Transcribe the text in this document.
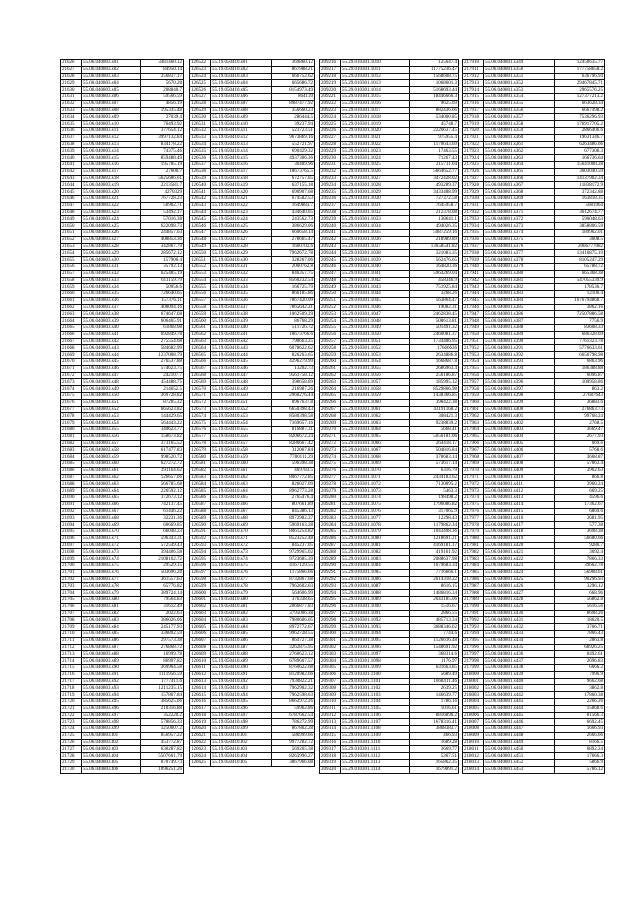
21626	55.06.040803.s01	3481460.12
21627	55.06.040803.s02	84950.14
21628	55.06.040803.s03	256837.17
21629	55.06.040803.s04	5670.28
21630	55.06.040803.s05	208840.7
21631	55.06.040803.s06	59566.59
21632	55.06.040803.s07	4856.19
21633	55.06.040803.s08	195335.48
21634	55.06.040803.s09	27039.4
21635	55.06.040803.s10	76493.92
21636	55.06.040803.s11	377654.12
21637	55.06.040803.s12	3997132.84
21638	55.06.040803.s13	834178.22
21639	55.06.040803.s14	74375.46
21640	55.06.040803.s15	859488.49
21641	55.06.040803.s16	195785.19
21642	55.06.040803.s17	27600.7
21643	55.06.040803.s18	5625686.61
21644	55.06.040803.s19	2213581.7
21645	55.06.040803.s20	4270329
21646	55.06.040803.s21	767728.23
21647	55.06.040803.s22	50962.71
21648	55.06.040803.s23	53492.17
21649	55.06.040803.s24	57016.38
21650	55.06.040803.s25	622098.73
21651	55.06.040803.s26	244857.63
21652	55.06.040803.s27	408853.36
21653	55.06.040803.s28	342867.79
21654	55.06.040803.s29	285672.12
21655	55.06.040803.s30	157906.4
21656	55.06.040803.s31	35792.13
21657	55.06.040803.s32	625485.19
21658	55.06.040803.s33	611159.79
21659	55.06.040803.s34	50956.6
21660	55.06.040803.s35	726640.65
21661	55.06.040803.s36	157376.11
21662	55.06.040803.s37	408094.16
21663	55.06.040803.s38	674647.68
21664	55.06.040803.s39	606465.91
21665	55.06.040803.s40	61868.08
21666	55.06.040803.s41	692849.78
21667	55.06.040803.s42	275554.68
21668	55.06.040803.s43	584682.99
21669	55.06.040803.s44	1237008.79
21670	55.06.040803.s45	276537.88
21671	55.06.040803.s46	574623.75
21672	55.06.040803.s47	242107.7
21673	55.06.040803.s48	454488.75
21674	55.06.040803.s49	214652.5
21675	55.06.040803.s50	369728.82
21676	55.06.040803.s51	87205.32
21677	55.06.040803.s52	665623.82
21678	55.06.040803.s53	144429.65
21679	55.06.040803.s54	564443.22
21680	55.06.040803.s55	340623.77
21681	55.06.040803.s56	158673.82
21682	55.06.040803.s57	373165.52
21683	55.06.040803.s58	617477.83
21684	55.06.040803.s59	998520.72
21685	55.06.040803.s60	627272.72
21686	55.06.040803.s61	391164.62
21687	55.06.040803.s62	126657.66
21688	55.06.040803.s63	566785.68
21689	55.06.040803.s64	226592.12
21690	55.06.040803.s65	372673.12
21691	55.06.040803.s66	742137.45
21692	55.06.040803.s67	61446.22
21693	55.06.040803.s68	32231.36
21694	55.06.040803.s69	60669.85
21695	55.06.040803.s70	66048.23
21696	55.06.040803.s71	596343.31
21697	55.06.040803.s72	572549.43
21698	55.06.040803.s73	394406.58
21699	55.06.040803.s74	2108162.72
21700	55.06.040803.s75	29529.15
21701	55.06.040803.s76	503696.28
21702	55.06.040803.s77	361557.63
21703	55.06.040803.s78	65776.82
21704	55.06.040803.s79	389724.14
21705	55.06.040803.s80	79564.83
21706	55.06.040803.s81	31612.49
21707	55.06.040803.s82	2022.63
21708	55.06.040803.s83	386026.66
21709	55.06.040803.s84	245177.93
21710	55.06.040803.s85	336892.59
21711	55.06.040803.s86	297573.38
21712	55.06.040803.s87	276868.72
21713	55.06.040803.s88	16999.78
21714	55.06.040803.s89	86997.82
21715	55.06.040803.s90	369964.58
21716	55.06.040803.s91	1111956.59
21717	55.06.040803.s92	1777411.6
21718	55.06.040803.s93	1211235.15
21719	55.06.040803.s94	157867.84
21720	55.06.040803.s95	385625.66
21721	55.06.040803.s96	210316.88
21722	55.06.040803.s97	352220.2
21723	55.06.040803.s98	578856.33
21724	55.06.040803.s99	3250607.2
21725	55.06.040803.t01	856957.22
21726	55.06.040803.t02	453772.87
21727	55.06.040803.t03	630287.82
21728	55.06.040803.t04	5507661.79
21729	55.06.040803.t05	870749.73
21730	55.06.040803.t06	1096251.26
126522	55.19.050410.s01	369860.12
126523	55.19.050410.s02	867988.21
126524	55.19.050410.s03	666752.62
126525	55.19.050410.s04	665686.72
126526	55.19.050410.s05	8154973.49
126527	55.19.050410.s06	864139
126528	55.19.050410.s07	8987477.92
126529	55.19.050410.s08	356660.23
126530	55.19.050410.s09	286444.5
126531	55.19.050410.s10	39237.94
126532	55.19.050410.s11	523723.51
126533	55.19.050410.s12	9673869.16
126534	55.19.050410.s13	552721.97
126535	55.19.050410.s14	690429.32
126536	55.19.050410.s15	4937306.36
126537	55.19.050410.s16	36489.96
126538	55.19.050410.s17	18673765.5
126539	55.19.050410.s18	672757.65
126540	55.19.050410.s19	637155.18
126541	55.19.050410.s20	690907.68
126542	55.19.050410.s21	674582.53
126543	55.19.050410.s22	1649883.7
126544	55.19.050410.s23	434640.65
126545	55.19.050410.s24	243562.73
126546	55.19.050410.s25	386629.06
126547	55.19.050410.s26	660658.14
126548	55.19.050410.s27	278665.47
126549	55.19.050410.s28	1660702.6
126550	55.19.050410.s29	7962672.78
126551	55.19.050410.s30	328267.06
126552	55.19.050410.s31	2060762.8
126553	55.19.050410.s32	846357.75
126554	55.19.050410.s33	8560232.54
126555	55.19.050410.s34	166725.79
126556	55.19.050410.s35	866185.86
126557	55.19.050410.s36	7867420.09
126558	55.19.050410.s37	7865642.21
126559	55.19.050410.s38	1062509.29
126560	55.19.050410.s39	86768.29
126561	55.19.050410.s40	511726.72
126562	55.19.050410.s41	18673766.6
126563	55.19.050410.s42	798663.25
126564	55.19.050410.s43	6078622.62
126565	55.19.050410.s44	826263.65
126566	55.19.050410.s45	4296279.99
126567	55.19.050410.s46	13202.73
126568	55.19.050410.s47	9563758.12
126569	55.19.050410.s48	398658.89
126570	55.19.050410.s49	216987.26
126571	55.19.050410.s50	2968276.44
126572	55.19.050410.s51	8967637.8
126573	55.19.050410.s52	6650398.43
126574	55.19.050410.s53	8580398.58
126575	55.19.050410.s54	7169657.16
126576	55.19.050410.s55	816887.31
126577	55.19.050410.s56	8206672.24
126578	55.19.050410.s57	8286667.42
126579	55.19.050410.s58	312067.84
126580	55.19.050410.s59	7780111.29
126581	55.19.050410.s60	596398.38
126582	55.19.050410.s61	469783.5
126583	55.19.050410.s62	8067772.85
126584	55.19.050410.s63	826027.09
126585	55.19.050410.s64	8962773.28
126586	55.19.050410.s65	2765476.4
126587	55.19.050410.s66	807661.89
126588	55.19.050410.s67	845386.13
126589	55.19.050410.s68	8972982.27
126590	55.19.050410.s69	5969163.28
126591	55.19.050410.s70	8061254.82
126592	55.19.050410.s71	8523252.48
126593	55.19.050410.s72	845237.05
126594	55.19.050410.s73	9729965.02
126595	55.19.050410.s74	9723685.39
126596	55.19.050410.s75	4167129.55
126597	55.19.050410.s76	1175866.66
126598	55.19.050410.s77	8732867.68
126599	55.19.050410.s78	7962602.03
126600	55.19.050410.s79	564606.99
126601	55.19.050410.s80	376338.65
126602	55.19.050410.s81	2066877.83
126603	55.19.050410.s82	3795006.38
126604	55.19.050410.s83	7980606.05
126605	55.19.050410.s84	8972772.67
126606	55.19.050410.s85	9962728.55
126607	55.19.050410.s86	864727.38
126608	55.19.050410.s87	3262875.95
126609	55.19.050410.s88	2760623.12
126610	55.19.050410.s89	6789607.57
126611	55.19.050410.s90	8760622.68
126612	55.19.050410.s91	8120982.66
126613	55.19.050410.s92	7930822.21
126614	55.19.050410.s93	7962902.32
126615	55.19.050410.s94	7962598.63
126616	55.19.050410.s95	8662972.26
126617	55.19.050410.s96	59962.86
126618	55.19.050410.s97	6787662.54
126619	55.19.050410.s98	786272.99
126620	55.19.050410.s99	867862.28
126621	55.19.050410.t01	586999.66
126622	55.19.050410.t02	9977282.72
126623	55.19.050410.t03	569265.38
126624	55.19.050410.t04	8263996.27
126625	55.19.050410.t05	3867966.08
209216	55.29.010301.1010	125647.4
209217	55.29.010301.1011	11775236.47
209218	55.29.010301.1012	1568608.75
209219	55.29.010301.1013	1068601.3
209220	55.29.010301.1014	5168693.44
209221	55.29.010301.1015	18446666.3
209222	55.29.010301.1016	9625.69
209223	55.29.010301.1017	882436.66
209224	55.29.010301.1018	534060.85
209225	55.29.010301.1019	45748.7
209226	55.29.010301.1020	2226637.45
209227	55.29.010301.1021	975955.4
209228	55.29.010301.1022	1170643.69
209229	55.29.010301.1023	17463.55
209230	55.29.010301.1024	71267.43
209231	55.29.010301.1025	215711.04
209232	55.29.010301.1026	5664652.77
209233	55.29.010301.1027	3472428.02
209234	55.29.010301.1028	493289.37
209235	55.29.010301.1029	3433488.99
209236	55.29.010301.1030	727372.58
209237	55.29.010301.1031	7645958.7
209238	55.29.010301.1032	212378.08
209239	55.29.010301.1033	138641.1
209240	55.29.010301.1034	494026.35
209241	55.29.010301.1035	5987259.16
209242	55.29.010301.1036	218989.89
209243	55.29.010301.1037	13658541.82
209244	55.29.010301.1038	321083.35
209245	55.29.010301.1039	562476.65
209246	55.29.010301.1040	164820.36
209247	55.29.010301.1041	5964269.04
209248	55.29.010301.1042	458346.9
209249	55.29.010301.1043	751925.84
209250	55.29.010301.1044	3268.26
209251	55.29.010301.1045	563864.47
209252	55.29.010301.1046	19082.31
209253	55.29.010301.1047	2462838.45
209254	55.29.010301.1048	508613.81
209255	55.29.010301.1049	501491.32
209256	55.29.010301.1050	2460081.37
209257	55.29.010301.1051	1734486.95
209258	55.29.010301.1052	17666636
209259	55.29.010301.1053	2634886.8
209260	55.29.010301.1054	1668687.8
209261	55.29.010301.1055	2686963.4
209262	55.29.010301.1056	256186.87
209263	55.29.010301.1057	185995.12
209264	55.29.010301.1058	8529866.98
209265	55.29.010301.1059	1438366.85
209266	55.29.010301.1060	398422.38
209267	55.29.010301.1061	43191168.2
209268	55.29.010301.1062	308421.3
209269	55.29.010301.1063	9238839.2
209270	55.29.010301.1064	5668.41
209271	55.29.010301.1065	5056181.06
209272	55.29.010301.1066	264418.17
209273	55.29.010301.1067	504816.84
209274	55.29.010301.1068	378683.14
209275	55.29.010301.1069	573617.14
209276	55.29.010301.1070	6316.79
209277	55.29.010301.1071	2434183.62
209278	55.29.010301.1072	7130895.2
209279	55.29.010301.1073	5463.3
209280	55.29.010301.1074	198498.2
209281	55.29.010301.1075	1796086.82
209282	55.29.010301.1076	317065.9
209283	55.29.010301.1077	12298.43
209284	55.29.010301.1078	1179862.34
209285	55.29.010301.1079	1043498.36
209286	55.29.010301.1080	1218691.21
209287	55.29.010301.1081	4169181.17
209288	55.29.010301.1082	419161.92
209289	55.29.010301.1083	2088637.98
209290	55.29.010301.1084	1679683.34
209291	55.29.010301.1085	7716666.1
209292	55.29.010301.1086	2614318.22
209293	55.29.010301.1087	8616.15
209294	55.29.010301.1088	1486816.34
209295	55.29.010301.1089	2643185.06
209296	55.29.010301.1090	1516.67
209297	55.29.010301.1091	2866.55
209298	55.29.010301.1092	485713.34
209299	55.29.010301.1093	3688346.62
209300	55.29.010301.1094	7744.6
209301	55.29.010301.1095	1126616.48
209302	55.29.010301.1096	1548691.92
209303	55.29.010301.1097	368314.6
209304	55.29.010301.1098	1176.97
209305	55.29.010301.1099	631663.85
209306	55.29.010301.1100	5689.49
209307	55.29.010301.1101	1668411.46
209308	55.29.010301.1102	2639.25
209309	55.29.010301.1103	146639.77
209310	55.29.010301.1104	1786.16
209311	55.29.010301.1105	1016.61
209312	55.29.010301.1106	8816896.2
209313	55.29.010301.1107	1678316.41
209314	55.29.010301.1108	3868383.7
209315	55.29.010301.1109	466.93
209316	55.29.010301.1110	1689.28
209317	55.29.010301.1111	3669.77
209318	55.29.010301.1112	5367.51
209319	55.29.010301.1113	165862.35
209320	55.29.010301.1114	1679891.2
217910	55.06.040801.s349	12450635.77
217911	55.06.040801.s350	177758658.2
217912	55.06.040801.s351	636796.94
217913	55.06.040801.s352	29467845.71
217914	55.06.040801.s353	2965576.25
217915	55.06.040801.s354	127377213.2
217916	55.06.040801.s355	663628.34
217917	55.06.040801.s356	6667498.2
217918	55.06.040801.s357	7536296.93
217919	55.06.040801.s358	176917705.2
217920	55.06.040801.s359	2866406.6
217921	55.06.040801.s360	19631346.7
217922	55.06.040801.s361	6263486.66
217923	55.06.040801.s362	677308.3
217924	55.06.040801.s363	166736.64
217925	55.06.040801.s364	15641008.28
217926	55.06.040801.s365	3603040.59
217927	55.06.040801.s366	14137902.34
217928	55.06.040801.s367	11838172.9
217929	55.06.040801.s368	372342.88
217930	55.06.040801.s369	163818.35
217931	55.06.040801.s370	5081964
217932	55.06.040801.s371	3612674.77
217933	55.06.040801.s372	596048.63
217934	55.06.040801.s373	3858806.59
217935	55.06.040801.s374	189962.01
217936	55.06.040801.s375	3608.5
217937	55.06.040801.s376	2066777082
217938	55.06.040801.s377	13416875.19
217939	55.06.040801.s378	8105247.29
217940	55.06.040801.s379	65788.72
217941	55.06.040801.s380	665368.38
217942	55.06.040801.s381	547055339.9
217943	55.06.040801.s382	178536.7
217944	55.06.040801.s383	12106.4
217945	55.06.040801.s384	1676794868.7
217946	55.06.040801.s385	3862.16
217947	55.06.040801.s386	72507886.58
217948	55.06.040801.s387	7756.9
217949	55.06.040801.s388	83608.33
217950	55.06.040801.s389	686328.69
217951	55.06.040801.s390	7761323.78
217952	55.06.040801.s391	5776633.61
217953	55.06.040801.s392	6656798.98
217954	55.06.040801.s393	6863.96
217955	55.06.040801.s394	186388.88
217956	55.06.040801.s395	6096.87
217957	55.06.040801.s396	100958.86
217958	55.06.040801.s397	863.2
217959	55.06.040801.s398	27687643
217960	55.06.040801.s399	36883.6
217961	55.06.040801.s400	276863.73
217962	55.06.040801.s401	99768.24
217963	55.06.040801.s402	2768.5
217964	55.06.040801.s403	3669.47
217965	55.06.040801.s404	2677.93
217966	55.06.040801.s405	669.6
217967	55.06.040801.s406	5768.6
217968	55.06.040801.s407	3668.87
217969	55.06.040801.s408	57863.4
217970	55.06.040801.s409	3962.63
217971	55.06.040801.s410	866.8
217972	55.06.040801.s411	3960.24
217973	55.06.040801.s412	669.25
217974	55.06.040801.s413	4596.6
217975	55.06.040801.s414	17362.67
217976	55.06.040801.s415	6869.6
217977	55.06.040801.s416	3681.95
217978	55.06.040801.s417	577.38
217979	55.06.040801.s418	3698.38
217980	55.06.040801.s419	56680.66
217981	55.06.040801.s420	9286.7
217982	55.06.040801.s421	3692.4
217983	55.06.040801.s422	7866.33
217984	55.06.040801.s423	39662.78
217985	55.06.040801.s424	56968.61
217986	55.06.040801.s425	96296.93
217987	55.06.040801.s426	3296.12
217988	55.06.040801.s427	668.96
217989	55.06.040801.s428	56862.8
217990	55.06.040801.s429	5616.56
217991	55.06.040801.s430	8698.26
217992	55.06.040801.s431	18620.5
217993	55.06.040801.s432	3766.71
217994	55.06.040801.s433	7866.43
217995	55.06.040801.s434	2863.8
217996	55.06.040801.s435	68926.25
217997	55.06.040801.s436	8492.61
217998	55.06.040801.s437	2696.83
217999	55.06.040801.s438	6666.2
218000	55.06.040801.s439	7996.9
218001	55.06.040801.s440	9662.68
218002	55.06.040801.s441	3862.8
218003	55.06.040801.s442	17860.38
218004	55.06.040801.s443	2266.26
218005	55.06.040801.s444	15868.6
218006	55.06.040801.s445	81566.3
218007	55.06.040801.s446	6692.45
218008	55.06.040801.s447	1666.93
218009	55.06.040801.s448	2666.66
218010	55.06.040801.s449	8166.5
218011	55.06.040801.s450	6892.24
218012	55.06.040801.s451	17666.3
218013	55.06.040801.s452	5866.9
218014	55.06.040801.s453	5786.12
